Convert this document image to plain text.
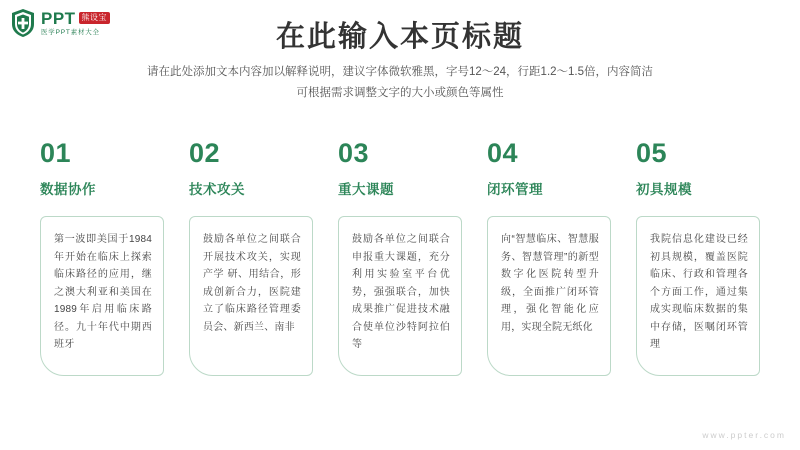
PPT 熊设宝
医学PPT素材大全	在此输入本页标题
请在此处添加文本内容加以解释说明，建议字体微软雅黑，字号12～24，行距1.2～1.5倍，内容简洁
可根据需求调整文字的大小或颜色等属性
01
数据协作
第一波即美国于1984年开始在临床上探索临床路径的应用，继之澳大利亚和美国在1989年启用临床路径。九十年代中期西班牙
02
技术攻关
鼓励各单位之间联合开展技术攻关，实现产学 研、用结合，形成创新合力，医院建立了临床路径管理委员会、新西兰、南非
03
重大课题
鼓励各单位之间联合申报重大课题，充分利用实验室平台优势，强强联合，加快成果推广促进技术融合使单位沙特阿拉伯等
04
闭环管理
向“智慧临床、智慧服务、智慧管理”的新型数字化医院转型升级，全面推广闭环管理，强化智能化应用，实现全院无纸化
05
初具规模
我院信息化建设已经初具规模，覆盖医院临床、行政和管理各个方面工作，通过集成实现临床数据的集中存储，医嘱闭环管理
www.ppter.com
